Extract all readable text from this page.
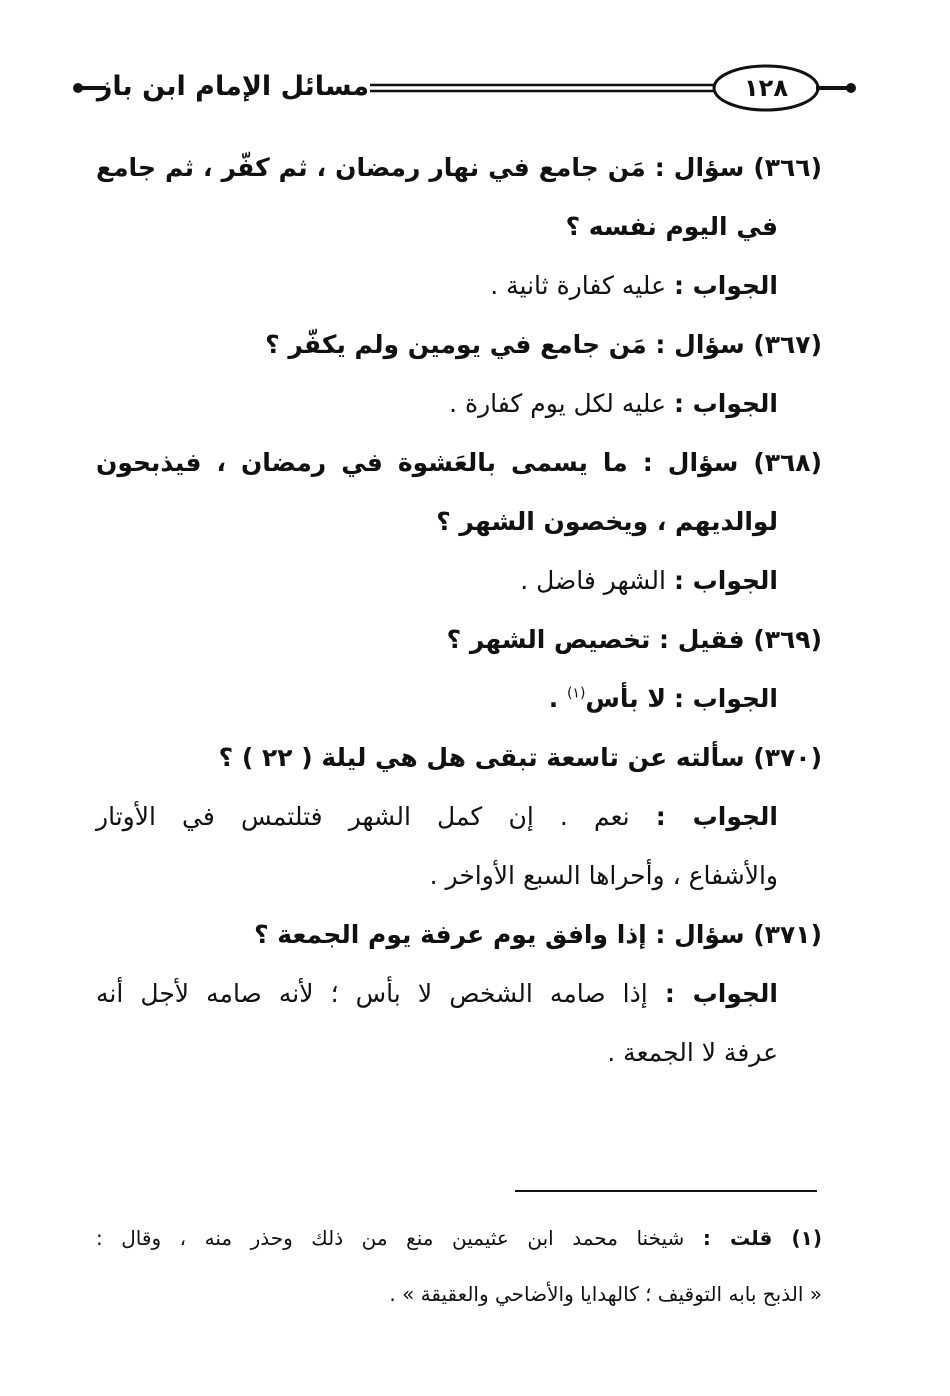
١٢٨
مسائل الإمام ابن باز
(٣٦٦) سؤال : مَن جامع في نهار رمضان ، ثم كفّر ، ثم جامع
في اليوم نفسه ؟
الجواب : عليه كفارة ثانية .
(٣٦٧) سؤال : مَن جامع في يومين ولم يكفّر ؟
الجواب : عليه لكل يوم كفارة .
(٣٦٨) سؤال : ما يسمى بالعَشوة في رمضان ، فيذبحون
لوالديهم ، ويخصون الشهر ؟
الجواب : الشهر فاضل .
(٣٦٩) فقيل : تخصيص الشهر ؟
الجواب : لا بأس$^{(١)}$ .
(٣٧٠) سألته عن تاسعة تبقى هل هي ليلة ( ٢٢ ) ؟
الجواب : نعم . إن كمل الشهر فتلتمس في الأوتار
والأشفاع ، وأحراها السبع الأواخر .
(٣٧١) سؤال : إذا وافق يوم عرفة يوم الجمعة ؟
الجواب : إذا صامه الشخص لا بأس ؛ لأنه صامه لأجل أنه
عرفة لا الجمعة .
(١) قلت : شيخنا محمد ابن عثيمين منع من ذلك وحذر منه ، وقال :
« الذبح بابه التوقيف ؛ كالهدايا والأضاحي والعقيقة » .
